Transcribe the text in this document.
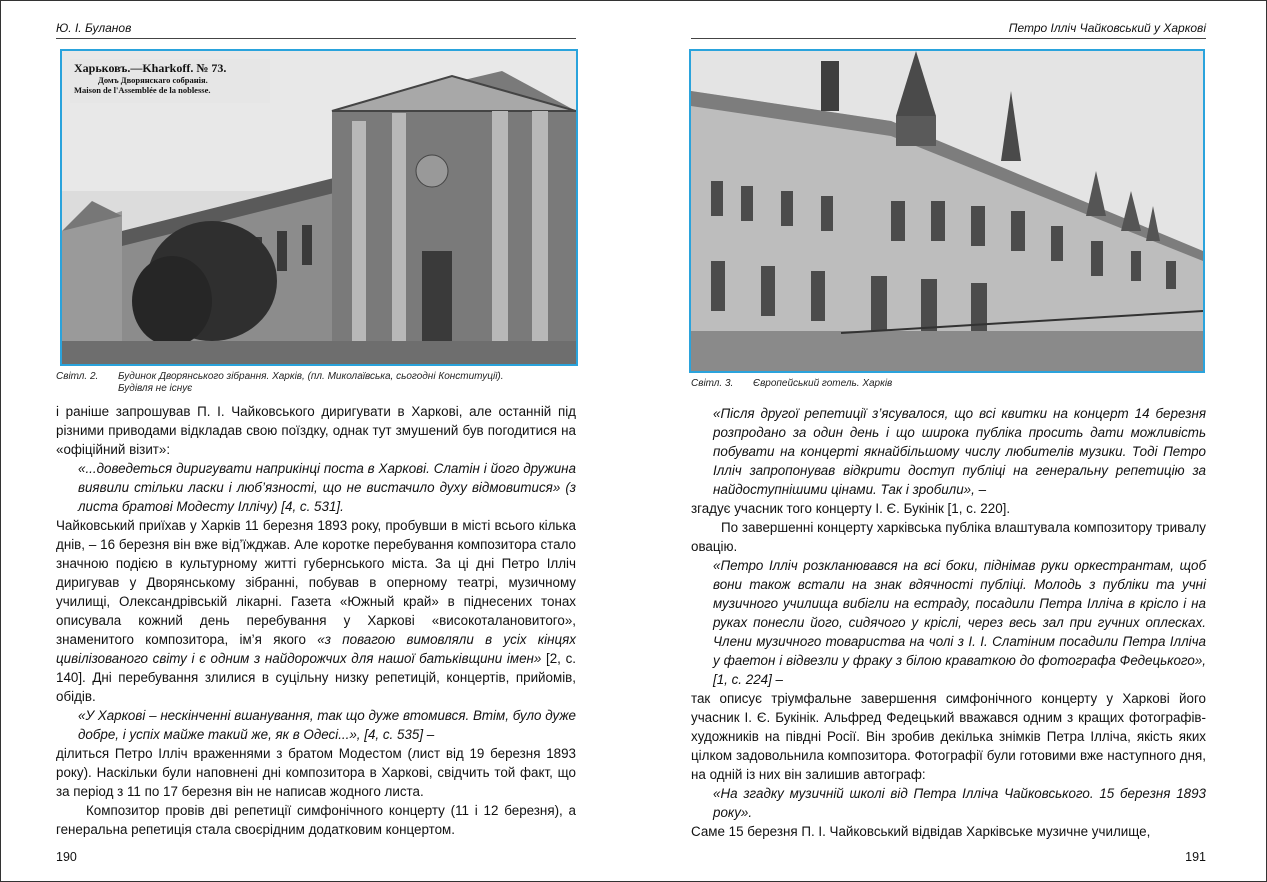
Ю. І. Буланов
Харьковъ.—Kharkoff. № 73.
Домъ Дворянскаго собранія.
Maison de l'Assemblée de la noblesse.
Світл. 2. Будинок Дворянського зібрання. Харків, (пл. Миколаївська, сьогодні Конституції).
Будівля не існує

і раніше запрошував П. І. Чайковського диригувати в Харкові, але останній під різними приводами відкладав свою поїздку, однак тут змушений був погодитися на «офіційний візит»:

«...доведеться диригувати наприкінці поста в Харкові. Слатін і його дружина виявили стільки ласки і люб’язності, що не вистачило духу відмовитися» (з листа братові Модесту Іллічу) [4, с. 531].

Чайковський приїхав у Харків 11 березня 1893 року, пробувши в місті всього кілька днів, – 16 березня він вже від’їжджав. Але коротке перебування композитора стало значною подією в культурному житті губернського міста. За ці дні Петро Ілліч диригував у Дворянському зібранні, побував в оперному театрі, музичному училищі, Олександрівській лікарні. Газета «Южный край» в піднесених тонах описувала кожний день перебування у Харкові «високоталановитого», знаменитого композитора, ім’я якого «з повагою вимовляли в усіх кінцях цивілізованого світу і є одним з найдорожчих для нашої батьківщини імен» [2, с. 140]. Дні перебування злилися в суцільну низку репетицій, концертів, прийомів, обідів.

«У Харкові – нескінченні вшанування, так що дуже втомився. Втім, було дуже добре, і успіх майже такий же, як в Одесі...», [4, с. 535] –

ділиться Петро Ілліч враженнями з братом Модестом (лист від 19 березня 1893 року). Наскільки були наповнені дні композитора в Харкові, свідчить той факт, що за період з 11 по 17 березня він не написав жодного листа.

Композитор провів дві репетиції симфонічного концерту (11 і 12 березня), а генеральна репетиція стала своєрідним додатковим концертом.

190
Петро Ілліч Чайковський у Харкові
Світл. 3. Європейський готель. Харків

«Після другої репетиції з’ясувалося, що всі квитки на концерт 14 березня розпродано за один день і що широка публіка просить дати можливість побувати на концерті якнайбільшому числу любителів музики. Тоді Петро Ілліч запропонував відкрити доступ публіці на генеральну репетицію за найдоступнішими цінами. Так і зробили», –

згадує учасник того концерту І. Є. Букінік [1, с. 220].

По завершенні концерту харківська публіка влаштувала композитору тривалу овацію.

«Петро Ілліч розкланювався на всі боки, піднімав руки оркестрантам, щоб вони також встали на знак вдячності публіці. Молодь з публіки та учні музичного училища вибігли на естраду, посадили Петра Ілліча в крісло і на руках понесли його, сидячого у кріслі, через весь зал при гучних оплесках. Члени музичного товариства на чолі з І. І. Слатіним посадили Петра Ілліча у фаетон і відвезли у фраку з білою краваткою до фотографа Федецького», [1, с. 224] –

так описує тріумфальне завершення симфонічного концерту у Харкові його учасник І. Є. Букінік. Альфред Федецький вважався одним з кращих фотографів-художників на півдні Росії. Він зробив декілька знімків Петра Ілліча, якість яких цілком задовольнила композитора. Фотографії були готовими вже наступного дня, на одній із них він залишив автограф:

«На згадку музичній школі від Петра Ілліча Чайковського. 15 березня 1893 року».

Саме 15 березня П. І. Чайковський відвідав Харківське музичне училище,

191
